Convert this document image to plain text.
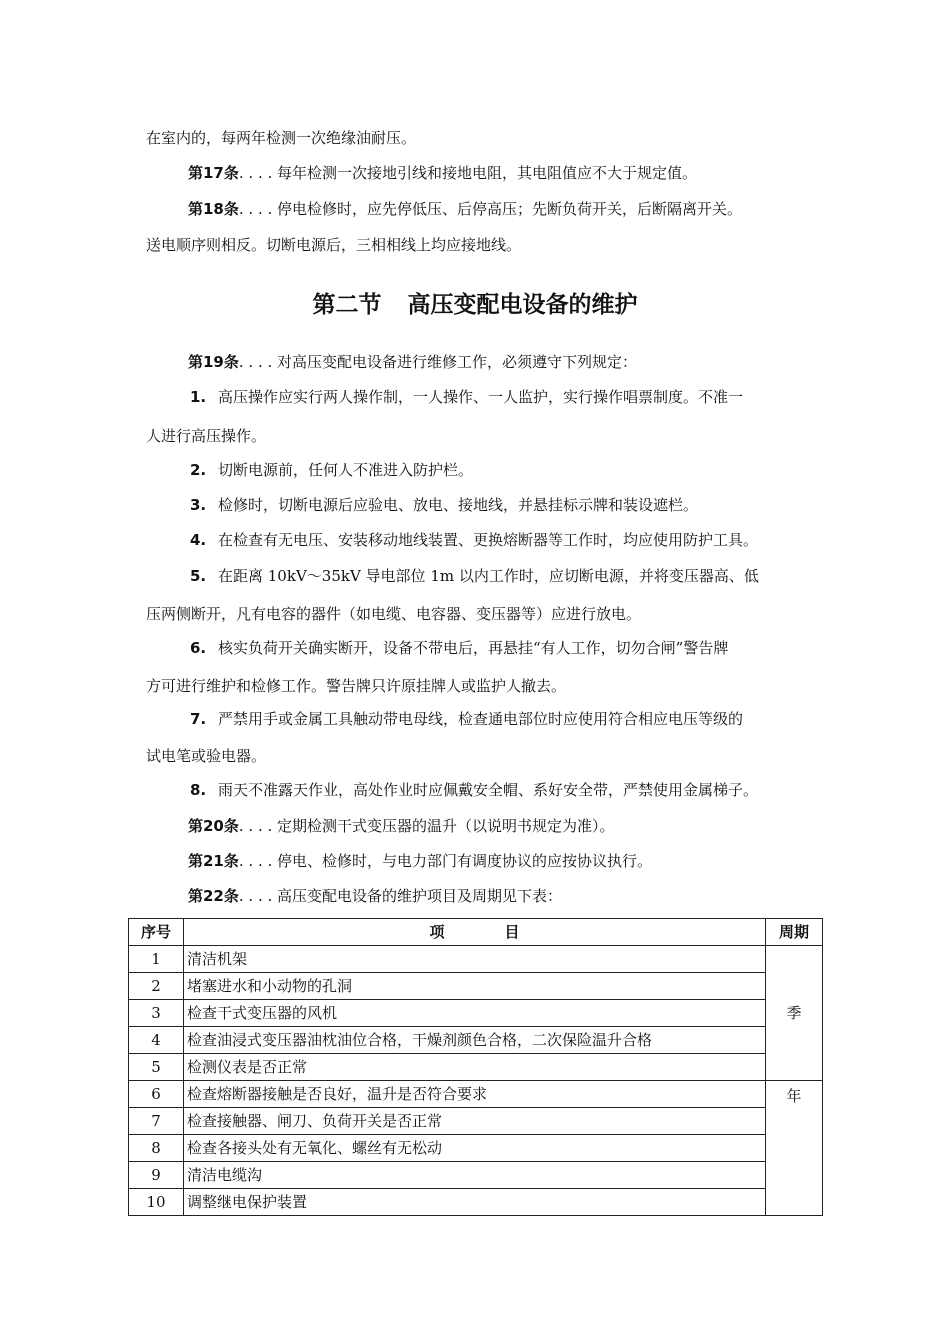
在室内的，每两年检测一次绝缘油耐压。
第17条. . . . 每年检测一次接地引线和接地电阻，其电阻值应不大于规定值。
第18条. . . . 停电检修时，应先停低压、后停高压；先断负荷开关，后断隔离开关。
送电顺序则相反。切断电源后，三相相线上均应接地线。
第二节 高压变配电设备的维护
第19条. . . . 对高压变配电设备进行维修工作，必须遵守下列规定：
1. 高压操作应实行两人操作制，一人操作、一人监护，实行操作唱票制度。不准一
人进行高压操作。
2. 切断电源前，任何人不准进入防护栏。
3. 检修时，切断电源后应验电、放电、接地线，并悬挂标示牌和装设遮栏。
4. 在检查有无电压、安装移动地线装置、更换熔断器等工作时，均应使用防护工具。
5. 在距离 10kV～35kV 导电部位 1m 以内工作时，应切断电源，并将变压器高、低
压两侧断开，凡有电容的器件（如电缆、电容器、变压器等）应进行放电。
6. 核实负荷开关确实断开，设备不带电后，再悬挂“有人工作，切勿合闸”警告牌
方可进行维护和检修工作。警告牌只许原挂牌人或监护人撤去。
7. 严禁用手或金属工具触动带电母线，检查通电部位时应使用符合相应电压等级的
试电笔或验电器。
8. 雨天不准露天作业，高处作业时应佩戴安全帽、系好安全带，严禁使用金属梯子。
第20条. . . . 定期检测干式变压器的温升（以说明书规定为准）。
第21条. . . . 停电、检修时，与电力部门有调度协议的应按协议执行。
第22条. . . . 高压变配电设备的维护项目及周期见下表：
序号	项目	周期
1	清洁机架	季
2	堵塞进水和小动物的孔洞	
3	检查干式变压器的风机	
4	检查油浸式变压器油枕油位合格，干燥剂颜色合格，二次保险温升合格	
5	检测仪表是否正常	
6	检查熔断器接触是否良好，温升是否符合要求	年
7	检查接触器、闸刀、负荷开关是否正常	
8	检查各接头处有无氧化、螺丝有无松动	
9	清洁电缆沟	
10	调整继电保护装置	
